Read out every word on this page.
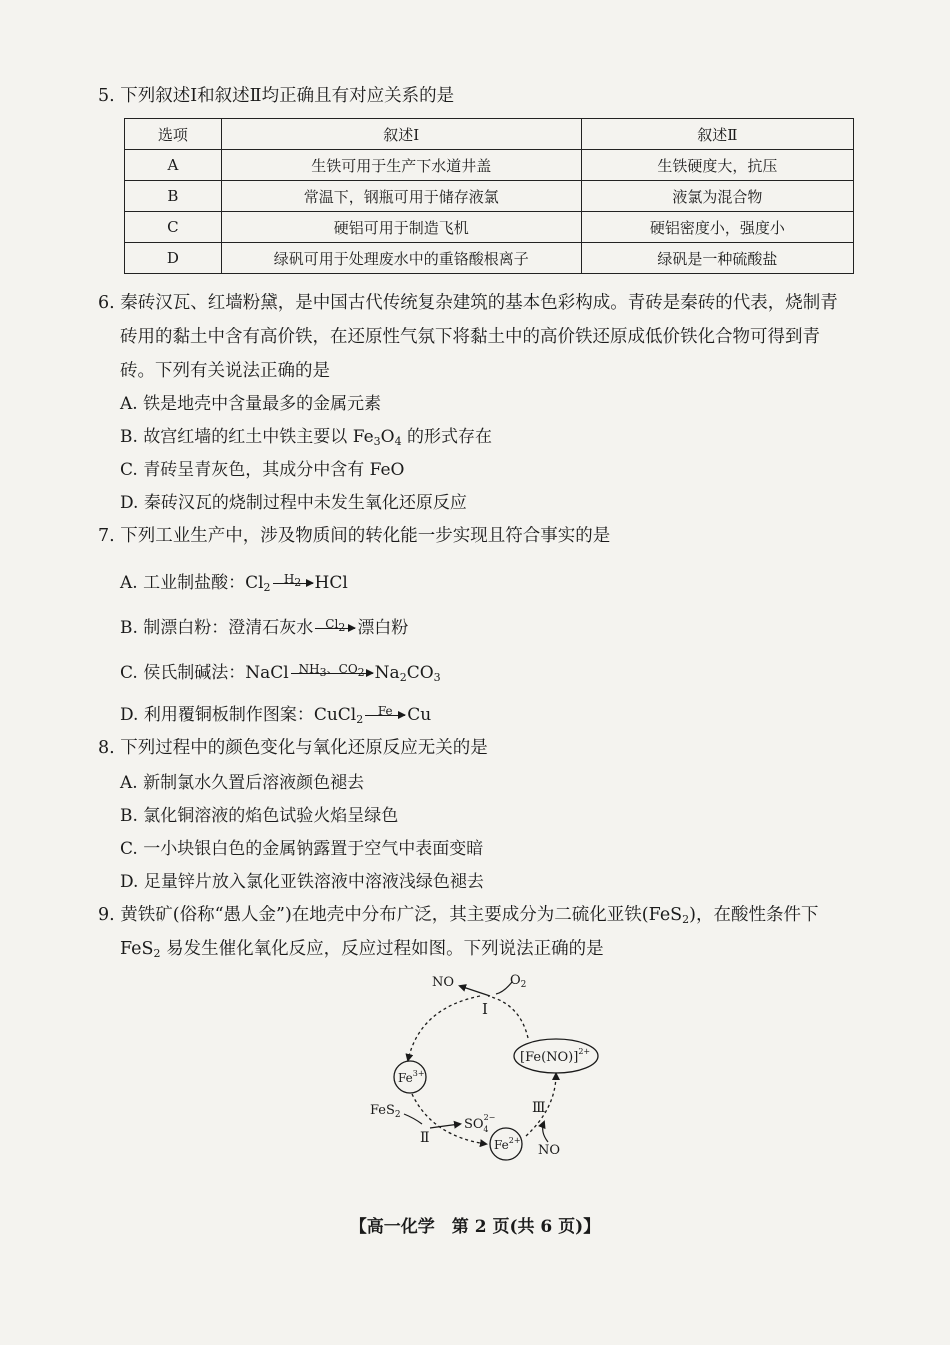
5. 下列叙述Ⅰ和叙述Ⅱ均正确且有对应关系的是
选项	叙述Ⅰ	叙述Ⅱ
A	生铁可用于生产下水道井盖	生铁硬度大，抗压
B	常温下，钢瓶可用于储存液氯	液氯为混合物
C	硬铝可用于制造飞机	硬铝密度小，强度小
D	绿矾可用于处理废水中的重铬酸根离子	绿矾是一种硫酸盐
6. 秦砖汉瓦、红墙粉黛，是中国古代传统复杂建筑的基本色彩构成。青砖是秦砖的代表，烧制青
砖用的黏土中含有高价铁，在还原性气氛下将黏土中的高价铁还原成低价铁化合物可得到青
砖。下列有关说法正确的是
A. 铁是地壳中含量最多的金属元素
B. 故宫红墙的红土中铁主要以 $Fe_3O_4$ 的形式存在
C. 青砖呈青灰色，其成分中含有 FeO
D. 秦砖汉瓦的烧制过程中未发生氧化还原反应
7. 下列工业生产中，涉及物质间的转化能一步实现且符合事实的是
A. 工业制盐酸：$Cl_2$
$H_2$ HCl
B. 制漂白粉：澄清石灰水 $Cl_2$ 漂白粉
C. 侯氏制碱法：NaCl $NH_3$、$CO_2$ $Na_2CO_3$
D. 利用覆铜板制作图案：CuCl$_2$
Fe Cu
8. 下列过程中的颜色变化与氧化还原反应无关的是
A. 新制氯水久置后溶液颜色褪去
B. 氯化铜溶液的焰色试验火焰呈绿色
C. 一小块银白色的金属钠露置于空气中表面变暗
D. 足量锌片放入氯化亚铁溶液中溶液浅绿色褪去
9. 黄铁矿(俗称“愚人金”)在地壳中分布广泛，其主要成分为二硫化亚铁(FeS$_2$)，在酸性条件下
FeS$_2$ 易发生催化氧化反应，反应过程如图。下列说法正确的是
NO	$O_2$
Ⅰ
$Fe^{3+}$
$[Fe(NO)]^{2+}$
$Fe^{2+}$
FeS$_2$
$SO^{2-}$ 4
Ⅱ
Ⅲ
NO
【高一化学　第 2 页(共 6 页)】
